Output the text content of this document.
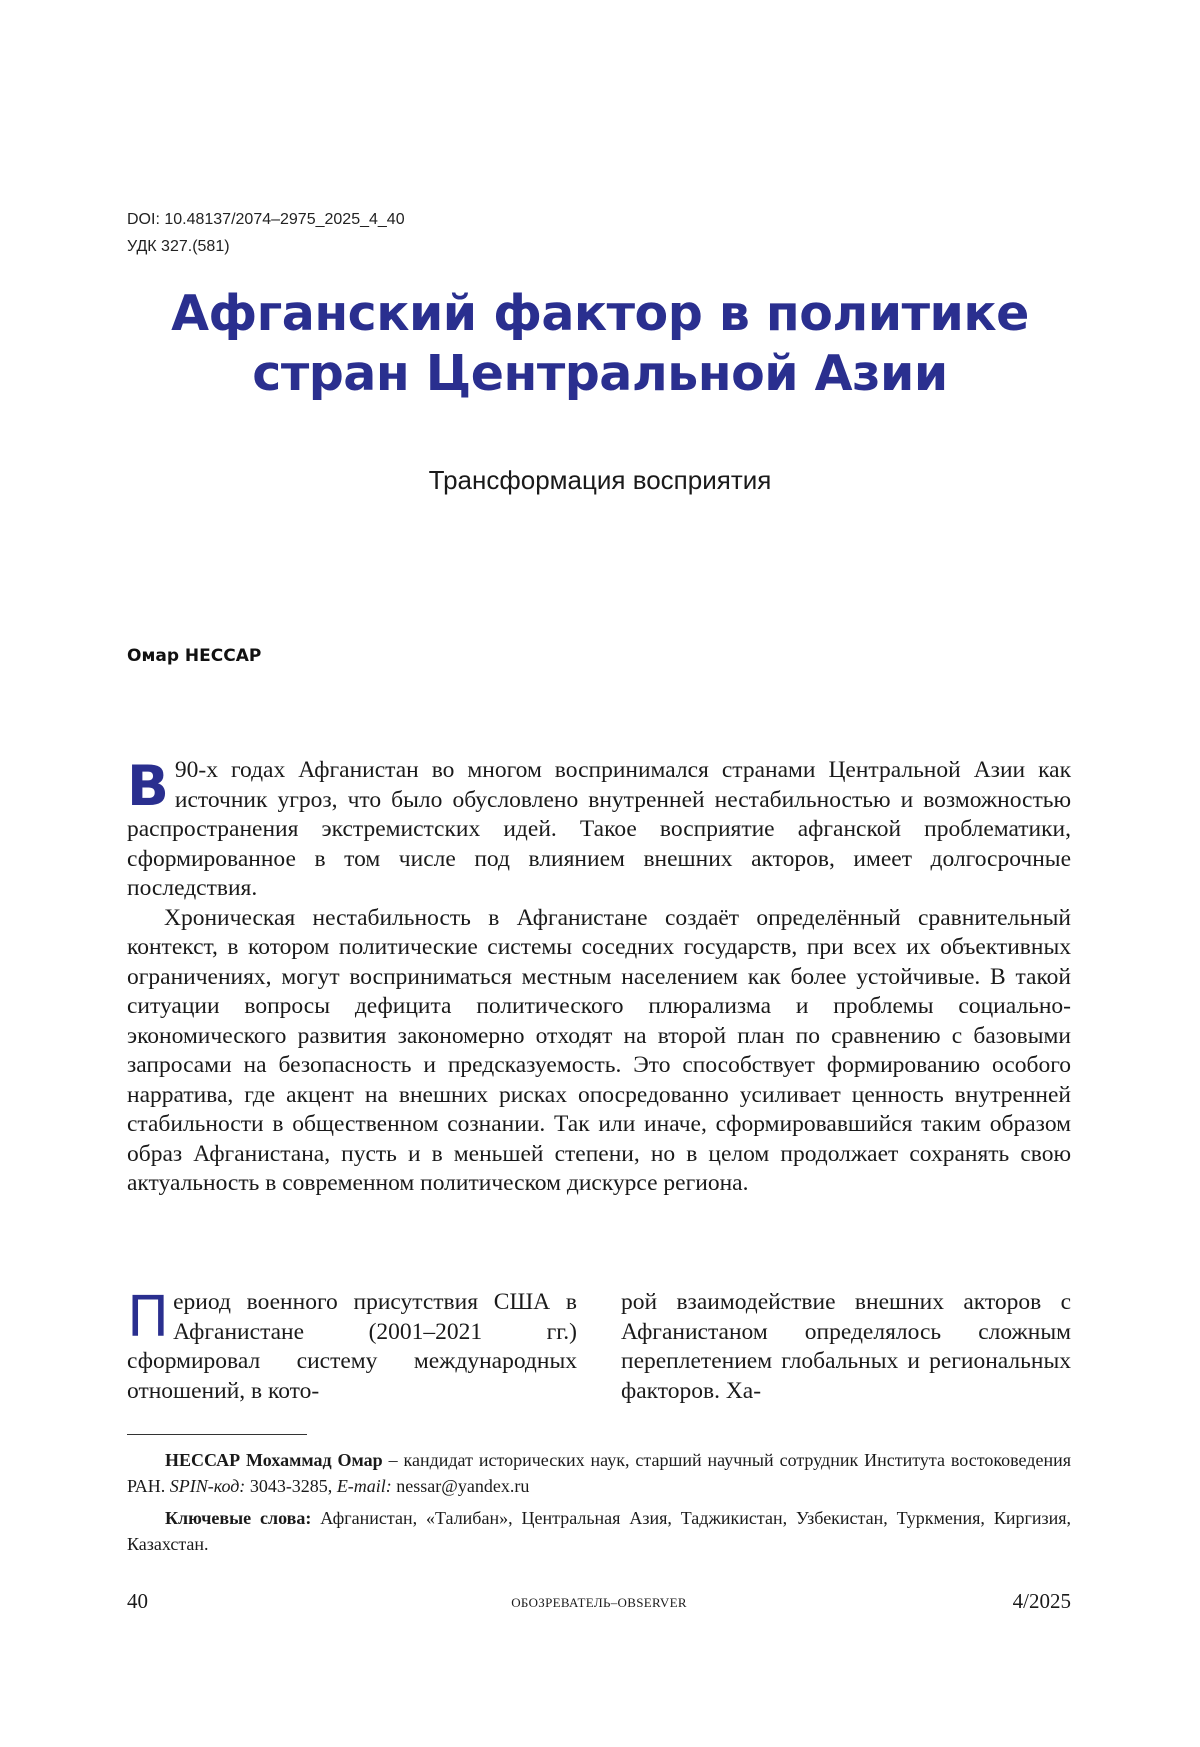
DOI: 10.48137/2074–2975_2025_4_40
УДК 327.(581)
Афганский фактор в политике
стран Центральной Азии
Трансформация восприятия
Омар НЕССАР

В 90-х годах Афганистан во многом воспринимался странами Центральной Азии как источник угроз, что было обусловлено внутренней нестабильностью и возможностью распространения экстремистских идей. Такое восприятие афганской проблематики, сформированное в том числе под влиянием внешних акторов, имеет долгосрочные последствия.

Хроническая нестабильность в Афганистане создаёт определённый сравнительный контекст, в котором политические системы соседних государств, при всех их объективных ограничениях, могут восприниматься местным населением как более устойчивые. В такой ситуации вопросы дефицита политического плюрализма и проблемы социально-экономического развития закономерно отходят на второй план по сравнению с базовыми запросами на безопасность и предсказуемость. Это способствует формированию особого нарратива, где акцент на внешних рисках опосредованно усиливает ценность внутренней стабильности в общественном сознании. Так или иначе, сформировавшийся таким образом образ Афганистана, пусть и в меньшей степени, но в целом продолжает сохранять свою актуальность в современном политическом дискурсе региона.

П ериод военного присутствия США в Афганистане (2001–2021 гг.) сформировал систему международных отношений, в кото-
рой взаимодействие внешних акторов с Афганистаном определялось сложным переплетением глобальных и региональных факторов. Ха-

НЕССАР Мохаммад Омар – кандидат исторических наук, старший научный сотрудник Института востоковедения РАН. SPIN-код: 3043-3285, E-mail: nessar@yandex.ru

Ключевые слова: Афганистан, «Талибан», Центральная Азия, Таджикистан, Узбекистан, Туркмения, Киргизия, Казахстан.

40	ОБОЗРЕВАТЕЛЬ–OBSERVER	4/2025
